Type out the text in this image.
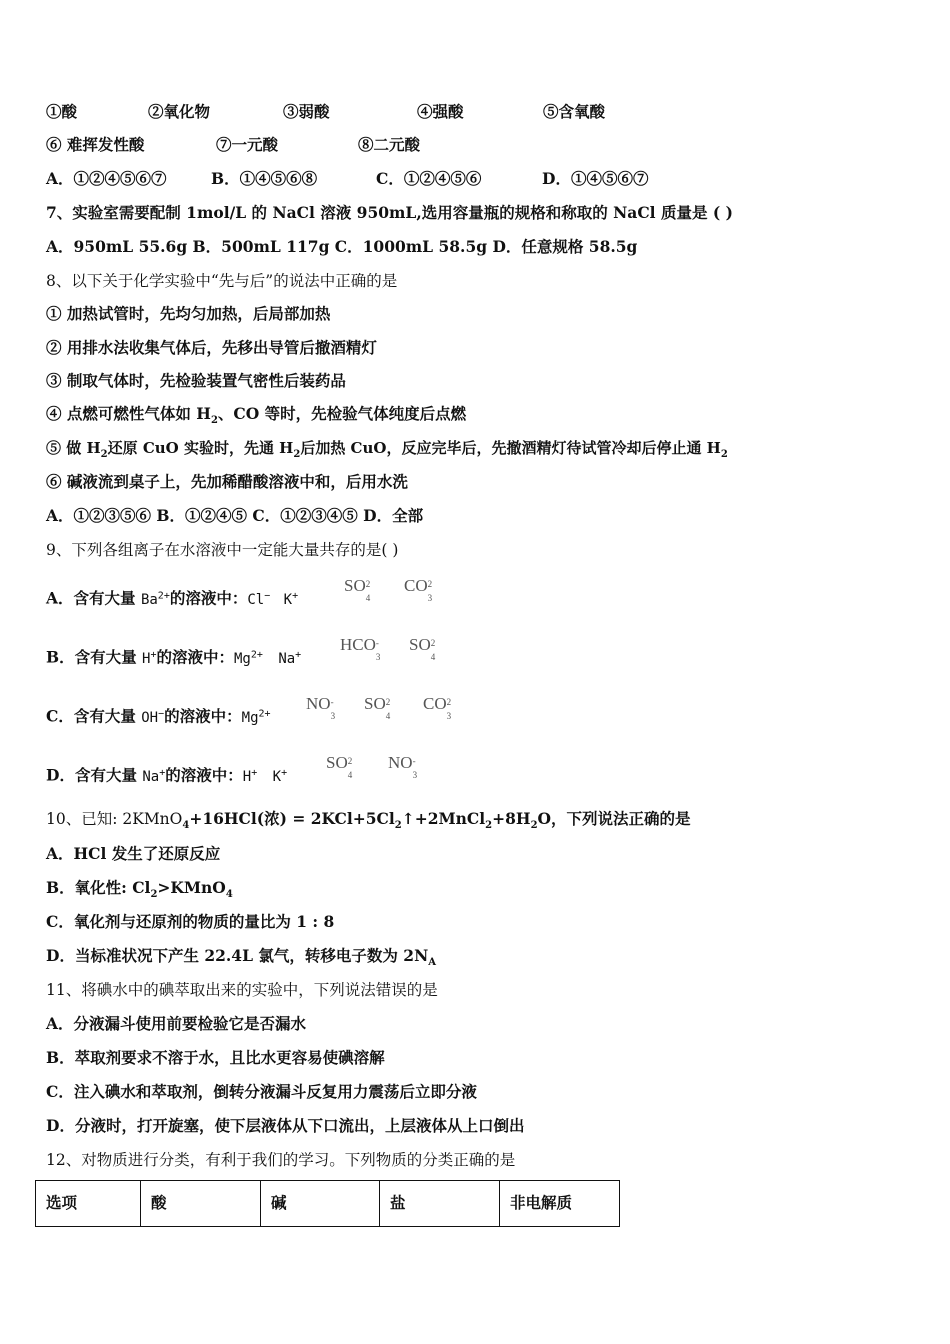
①酸	②氧化物	③弱酸	④强酸	⑤含氧酸
⑥ 难挥发性酸	⑦一元酸	⑧二元酸
A．①②④⑤⑥⑦	B．①④⑤⑥⑧	C．①②④⑤⑥	D．①④⑤⑥⑦
7、实验室需要配制 1mol/L 的 NaCl 溶液 950mL,选用容量瓶的规格和称取的 NaCl 质量是 ( )
A．950mL 55.6g B．500mL 117g C．1000mL 58.5g D．任意规格 58.5g
8、以下关于化学实验中“先与后”的说法中正确的是
① 加热试管时，先均匀加热，后局部加热
② 用排水法收集气体后，先移出导管后撤酒精灯
③ 制取气体时，先检验装置气密性后装药品
④ 点燃可燃性气体如 $H_2$、CO 等时，先检验气体纯度后点燃
⑤ 做 $H_2$还原 CuO 实验时，先通 $H_2$后加热 CuO，反应完毕后，先撤酒精灯待试管冷却后停止通 $H_2$
⑥ 碱液流到桌子上，先加稀醋酸溶液中和，后用水洗
A．①②③⑤⑥ B．①②④⑤ C．①②③④⑤ D．全部
9、下列各组离子在水溶液中一定能大量共存的是( )
A．含有大量 $Ba^{2+}$的溶液中：Cl− K+
SO 2
4
CO 2
3
B．含有大量 H+的溶液中：$Mg^{2+}$ Na+
HCO -
3
SO 2
4
C．含有大量 OH−的溶液中：$Mg^{2+}$
NO -
3
SO 2
4
CO 2
3
D．含有大量 Na+的溶液中：H+ K+
SO 2
4
NO -
3
10、已知: 2KMnO$_4$+16HCl(浓) = $2KCl+5Cl_2↑+2MnCl_2+8H_2O$，下列说法正确的是
A．HCl 发生了还原反应
B．氧化性: $Cl_2>KMnO_4$
C．氧化剂与还原剂的物质的量比为 1 : 8
D．当标准状况下产生 22.4L 氯气，转移电子数为 $2N_A$
11、将碘水中的碘萃取出来的实验中，下列说法错误的是
A．分液漏斗使用前要检验它是否漏水
B．萃取剂要求不溶于水，且比水更容易使碘溶解
C．注入碘水和萃取剂，倒转分液漏斗反复用力震荡后立即分液
D．分液时，打开旋塞，使下层液体从下口流出，上层液体从上口倒出
12、对物质进行分类，有利于我们的学习。下列物质的分类正确的是
选项	酸	碱	盐	非电解质
